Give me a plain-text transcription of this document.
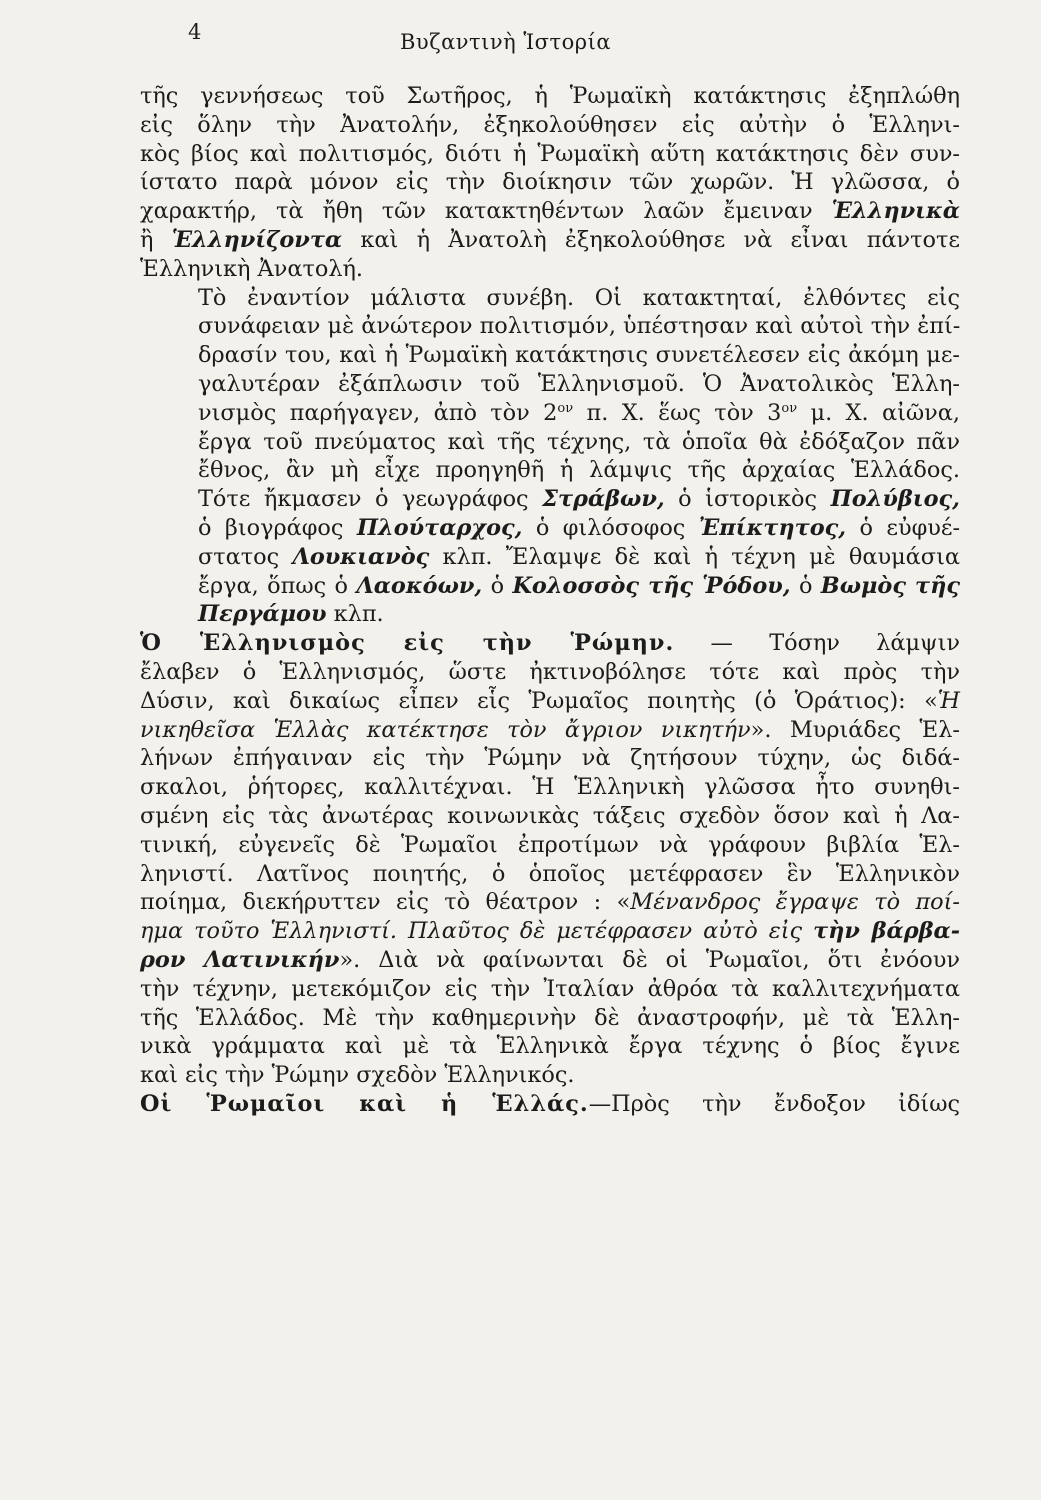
4	Βυζαντινὴ Ἱστορία

τῆς γεννήσεως τοῦ Σωτῆρος, ἡ Ῥωμαϊκὴ κατάκτησις ἐξηπλώθη
εἰς ὅλην τὴν Ἀνατολήν, ἐξηκολούθησεν εἰς αὐτὴν ὁ Ἑλληνι-
κὸς βίος καὶ πολιτισμός, διότι ἡ Ῥωμαϊκὴ αὕτη κατάκτησις δὲν συν-
ίστατο παρὰ μόνον εἰς τὴν διοίκησιν τῶν χωρῶν. Ἡ γλῶσσα, ὁ
χαρακτήρ, τὰ ἤθη τῶν κατακτηθέντων λαῶν ἔμειναν Ἑλληνικὰ
ἢ Ἑλληνίζοντα καὶ ἡ Ἀνατολὴ ἐξηκολούθησε νὰ εἶναι πάντοτε
Ἑλληνικὴ Ἀνατολή.

Τὸ ἐναντίον μάλιστα συνέβη. Οἱ κατακτηταί, ἐλθόντες εἰς
συνάφειαν μὲ ἀνώτερον πολιτισμόν, ὑπέστησαν καὶ αὐτοὶ τὴν ἐπί-
δρασίν του, καὶ ἡ Ῥωμαϊκὴ κατάκτησις συνετέλεσεν εἰς ἀκόμη με-
γαλυτέραν ἐξάπλωσιν τοῦ Ἑλληνισμοῦ. Ὁ Ἀνατολικὸς Ἑλλη-
νισμὸς παρήγαγεν, ἀπὸ τὸν $2^{o\nu}$ π. Χ. ἕως τὸν $3^{o\nu}$ μ. Χ. αἰῶνα,
ἔργα τοῦ πνεύματος καὶ τῆς τέχνης, τὰ ὁποῖα θὰ ἐδόξαζον πᾶν
ἔθνος, ἂν μὴ εἶχε προηγηθῆ ἡ λάμψις τῆς ἀρχαίας Ἑλλάδος.
Τότε ἤκμασεν ὁ γεωγράφος Στράβων, ὁ ἱστορικὸς Πολύβιος,
ὁ βιογράφος Πλούταρχος, ὁ φιλόσοφος Ἐπίκτητος, ὁ εὐφυέ-
στατος Λουκιανὸς κλπ. Ἔλαμψε δὲ καὶ ἡ τέχνη μὲ θαυμάσια
ἔργα, ὅπως ὁ Λαοκόων, ὁ Κολοσσὸς τῆς Ῥόδου, ὁ Βωμὸς τῆς
Περγάμου κλπ.

Ὁ Ἑλληνισμὸς εἰς τὴν Ῥώμην. — Τόσην λάμψιν
ἔλαβεν ὁ Ἑλληνισμός, ὥστε ἠκτινοβόλησε τότε καὶ πρὸς τὴν
Δύσιν, καὶ δικαίως εἶπεν εἷς Ῥωμαῖος ποιητὴς (ὁ Ὁράτιος): «Ἡ
νικηθεῖσα Ἑλλὰς κατέκτησε τὸν ἄγριον νικητήν». Μυριάδες Ἑλ-
λήνων ἐπήγαιναν εἰς τὴν Ῥώμην νὰ ζητήσουν τύχην, ὡς διδά-
σκαλοι, ῥήτορες, καλλιτέχναι. Ἡ Ἑλληνικὴ γλῶσσα ἦτο συνηθι-
σμένη εἰς τὰς ἀνωτέρας κοινωνικὰς τάξεις σχεδὸν ὅσον καὶ ἡ Λα-
τινική, εὐγενεῖς δὲ Ῥωμαῖοι ἐπροτίμων νὰ γράφουν βιβλία Ἑλ-
ληνιστί. Λατῖνος ποιητής, ὁ ὁποῖος μετέφρασεν ἓν Ἑλληνικὸν
ποίημα, διεκήρυττεν εἰς τὸ θέατρον : «Μένανδρος ἔγραψε τὸ ποί-
ημα τοῦτο Ἑλληνιστί. Πλαῦτος δὲ μετέφρασεν αὐτὸ εἰς τὴν βάρβα-
ρον Λατινικήν». Διὰ νὰ φαίνωνται δὲ οἱ Ῥωμαῖοι, ὅτι ἐνόουν
τὴν τέχνην, μετεκόμιζον εἰς τὴν Ἰταλίαν ἀθρόα τὰ καλλιτεχνήματα
τῆς Ἑλλάδος. Μὲ τὴν καθημερινὴν δὲ ἀναστροφήν, μὲ τὰ Ἑλλη-
νικὰ γράμματα καὶ μὲ τὰ Ἑλληνικὰ ἔργα τέχνης ὁ βίος ἔγινε
καὶ εἰς τὴν Ῥώμην σχεδὸν Ἑλληνικός.

Οἱ Ῥωμαῖοι καὶ ἡ Ἑλλάς.—Πρὸς τὴν ἔνδοξον ἰδίως
